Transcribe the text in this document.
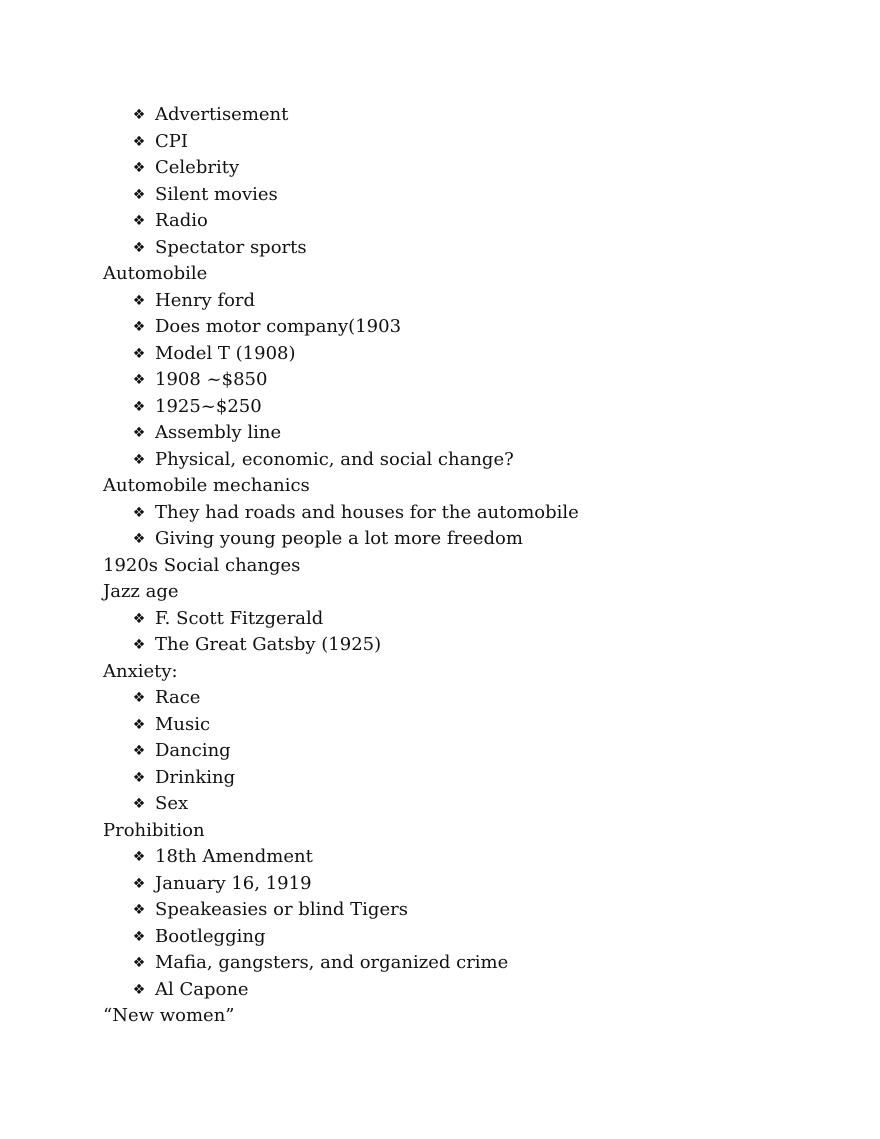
❖ Advertisement
❖ CPI
❖ Celebrity
❖ Silent movies
❖ Radio
❖ Spectator sports
Automobile
❖ Henry ford
❖ Does motor company(1903
❖ Model T (1908)
❖ 1908 ~$850
❖ 1925~$250
❖ Assembly line
❖ Physical, economic, and social change?
Automobile mechanics
❖ They had roads and houses for the automobile
❖ Giving young people a lot more freedom
1920s Social changes
Jazz age
❖ F. Scott Fitzgerald
❖ The Great Gatsby (1925)
Anxiety:
❖ Race
❖ Music
❖ Dancing
❖ Drinking
❖ Sex
Prohibition
❖ 18th Amendment
❖ January 16, 1919
❖ Speakeasies or blind Tigers
❖ Bootlegging
❖ Mafia, gangsters, and organized crime
❖ Al Capone
“New women”
